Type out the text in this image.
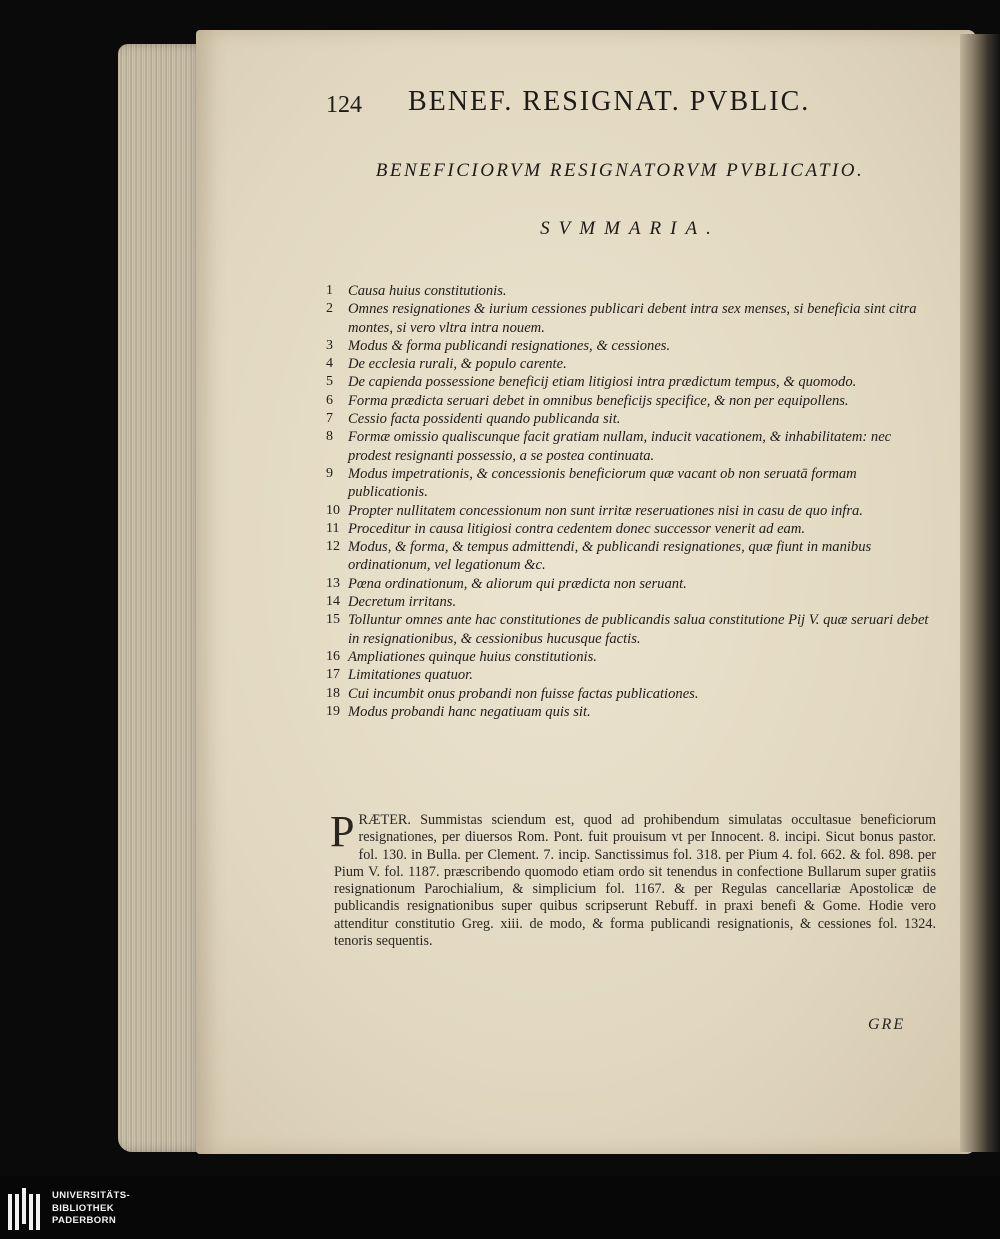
124 BENEF. RESIGNAT. PVBLIC.
BENEFICIORVM RESIGNATORVM PVBLICATIO.
SVMMARIA.
1	Causa huius constitutionis.
2	Omnes resignationes & iurium cessiones publicari debent intra sex menses, si beneficia sint citra montes, si vero vltra intra nouem.
3	Modus & forma publicandi resignationes, & cessiones.
4	De ecclesia rurali, & populo carente.
5	De capienda possessione beneficij etiam litigiosi intra prædictum tempus, & quomodo.
6	Forma prædicta seruari debet in omnibus beneficijs specifice, & non per equipollens.
7	Cessio facta possidenti quando publicanda sit.
8	Formæ omissio qualiscunque facit gratiam nullam, inducit vacationem, & inhabilitatem: nec prodest resignanti possessio, a se postea continuata.
9	Modus impetrationis, & concessionis beneficiorum quæ vacant ob non seruatā formam publicationis.
10 Propter nullitatem concessionum non sunt irritæ reseruationes nisi in casu de quo infra.
11 Proceditur in causa litigiosi contra cedentem donec successor venerit ad eam.
12 Modus, & forma, & tempus admittendi, & publicandi resignationes, quæ fiunt in manibus ordinationum, vel legationum &c.
13 Pœna ordinationum, & aliorum qui prædicta non seruant.
14 Decretum irritans.
15 Tolluntur omnes ante hac constitutiones de publicandis salua constitutione Pij V. quæ seruari debet in resignationibus, & cessionibus hucusque factis.
16 Ampliationes quinque huius constitutionis.
17 Limitationes quatuor.
18 Cui incumbit onus probandi non fuisse factas publicationes.
19 Modus probandi hanc negatiuam quis sit.

P RÆTER. Summistas sciendum est, quod ad prohibendum simulatas occultasue beneficiorum resignationes, per diuersos Rom. Pont. fuit prouisum vt per Innocent. 8. incipi. Sicut bonus pastor. fol. 130. in Bulla. per Clement. 7. incip. Sanctissimus fol. 318. per Pium 4. fol. 662. & fol. 898. per Pium V. fol. 1187. præscribendo quomodo etiam ordo sit tenendus in confectione Bullarum super gratiis resignationum Parochialium, & simplicium fol. 1167. & per Regulas cancellariæ Apostolicæ de publicandis resignationibus super quibus scripserunt Rebuff. in praxi benefi & Gome. Hodie vero attenditur constitutio Greg. xiii. de modo, & forma publicandi resignationis, & cessiones fol. 1324. tenoris sequentis.

GRE
UNIVERSITÄTS-
BIBLIOTHEK
PADERBORN
